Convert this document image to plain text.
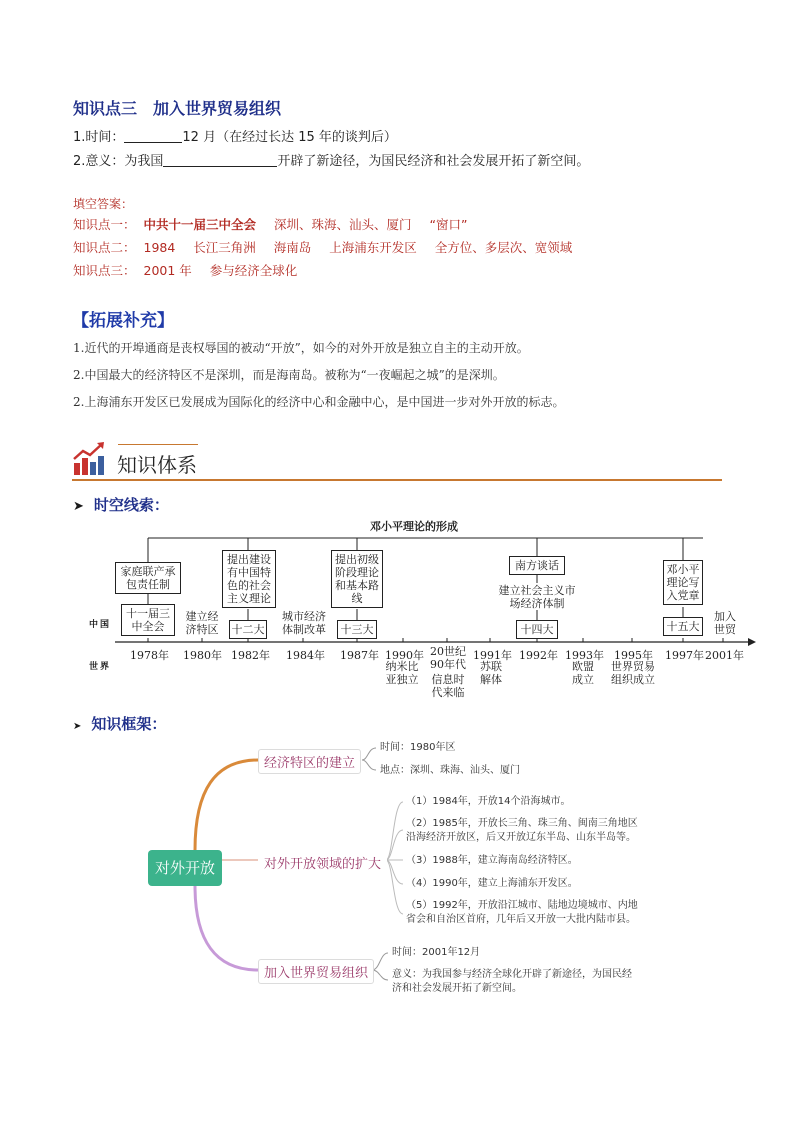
知识点三　加入世界贸易组织
1.时间：	12 月（在经过长达 15 年的谈判后）
2.意义：为我国	开辟了新途径，为国民经济和社会发展开拓了新空间。
填空答案：
知识点一： 中共十一届三中全会 深圳、珠海、汕头、厦门 “窗口”
知识点二： 1984 长江三角洲 海南岛 上海浦东开发区 全方位、多层次、宽领域
知识点三： 2001 年 参与经济全球化
【拓展补充】
1.近代的开埠通商是丧权辱国的被动“开放”，如今的对外开放是独立自主的主动开放。
2.中国最大的经济特区不是深圳，而是海南岛。被称为“一夜崛起之城”的是深圳。
2.上海浦东开发区已发展成为国际化的经济中心和金融中心，是中国进一步对外开放的标志。
知识体系
➤ 时空线索：
邓小平理论的形成
中国
世界
家庭联产承包责任制
提出建设有中国特色的社会主义理论
提出初级阶段理论和基本路线
南方谈话	邓小平理论写入党章
十一届三中全会	十二大	十三大	十四大	十五大
建立经济特区
城市经济体制改革
建立社会主义市场经济体制
加入世贸
1978年 1980年 1982年 1984年 1987年 1990年 20世纪90年代
1991年 1992年 1993年 1995年 1997年 2001年
纳米比亚独立 信息时代来临
苏联解体
欧盟成立
世界贸易组织成立
➤ 知识框架：
对外开放
经济特区的建立
时间：1980年区
地点：深圳、珠海、汕头、厦门
对外开放领域的扩大
（1）1984年，开放14个沿海城市。
（2）1985年，开放长三角、珠三角、闽南三角地区
沿海经济开放区，后又开放辽东半岛、山东半岛等。
（3）1988年，建立海南岛经济特区。
（4）1990年，建立上海浦东开发区。
（5）1992年，开放沿江城市、陆地边境城市、内地
省会和自治区首府，几年后又开放一大批内陆市县。
加入世界贸易组织
时间：2001年12月
意义：为我国参与经济全球化开辟了新途径，为国民经
济和社会发展开拓了新空间。
